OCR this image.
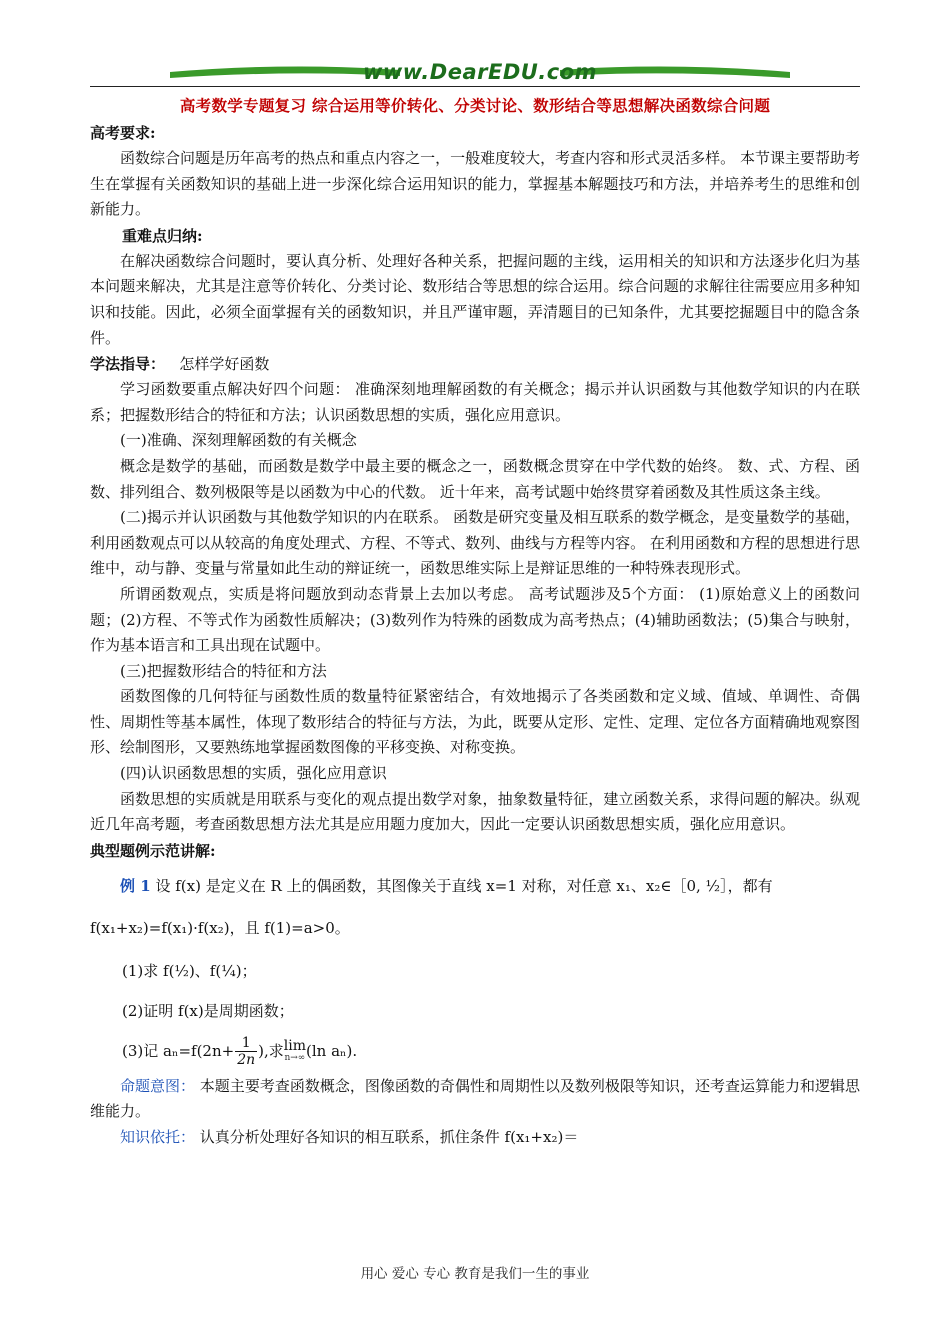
www.DearEDU.com
高考数学专题复习 综合运用等价转化、分类讨论、数形结合等思想解决函数综合问题
高考要求:

函数综合问题是历年高考的热点和重点内容之一，一般难度较大，考查内容和形式灵活多样。 本节课主要帮助考生在掌握有关函数知识的基础上进一步深化综合运用知识的能力，掌握基本解题技巧和方法，并培养考生的思维和创新能力。

重难点归纳:

在解决函数综合问题时，要认真分析、处理好各种关系，把握问题的主线，运用相关的知识和方法逐步化归为基本问题来解决，尤其是注意等价转化、分类讨论、数形结合等思想的综合运用。综合问题的求解往往需要应用多种知识和技能。因此，必须全面掌握有关的函数知识，并且严谨审题，弄清题目的已知条件，尤其要挖掘题目中的隐含条件。

学法指导： 怎样学好函数

学习函数要重点解决好四个问题： 准确深刻地理解函数的有关概念；揭示并认识函数与其他数学知识的内在联系；把握数形结合的特征和方法；认识函数思想的实质，强化应用意识。

(一)准确、深刻理解函数的有关概念

概念是数学的基础，而函数是数学中最主要的概念之一，函数概念贯穿在中学代数的始终。 数、式、方程、函数、排列组合、数列极限等是以函数为中心的代数。 近十年来，高考试题中始终贯穿着函数及其性质这条主线。

(二)揭示并认识函数与其他数学知识的内在联系。 函数是研究变量及相互联系的数学概念，是变量数学的基础，利用函数观点可以从较高的角度处理式、方程、不等式、数列、曲线与方程等内容。 在利用函数和方程的思想进行思维中，动与静、变量与常量如此生动的辩证统一，函数思维实际上是辩证思维的一种特殊表现形式。

所谓函数观点，实质是将问题放到动态背景上去加以考虑。 高考试题涉及5个方面： (1)原始意义上的函数问题；(2)方程、不等式作为函数性质解决；(3)数列作为特殊的函数成为高考热点；(4)辅助函数法；(5)集合与映射，作为基本语言和工具出现在试题中。

(三)把握数形结合的特征和方法

函数图像的几何特征与函数性质的数量特征紧密结合，有效地揭示了各类函数和定义域、值域、单调性、奇偶性、周期性等基本属性，体现了数形结合的特征与方法，为此，既要从定形、定性、定理、定位各方面精确地观察图形、绘制图形，又要熟练地掌握函数图像的平移变换、对称变换。

(四)认识函数思想的实质，强化应用意识

函数思想的实质就是用联系与变化的观点提出数学对象，抽象数量特征，建立函数关系，求得问题的解决。纵观近几年高考题，考查函数思想方法尤其是应用题力度加大，因此一定要认识函数思想实质，强化应用意识。

典型题例示范讲解:

例 1 设 f(x) 是定义在 R 上的偶函数，其图像关于直线 x=1 对称，对任意 x₁、x₂∈［0, ½］，都有

f(x₁+x₂)=f(x₁)·f(x₂)，且 f(1)=a>0。

(1)求 f(½)、f(¼)；
(2)证明 f(x)是周期函数；
(3)记 $a_n=f(2n+ \frac{1}{2n}$ ),求lim
n→∞ (ln aₙ).

命题意图： 本题主要考查函数概念，图像函数的奇偶性和周期性以及数列极限等知识，还考查运算能力和逻辑思维能力。

知识依托： 认真分析处理好各知识的相互联系，抓住条件 f(x₁+x₂)＝

用心 爱心 专心 教育是我们一生的事业
